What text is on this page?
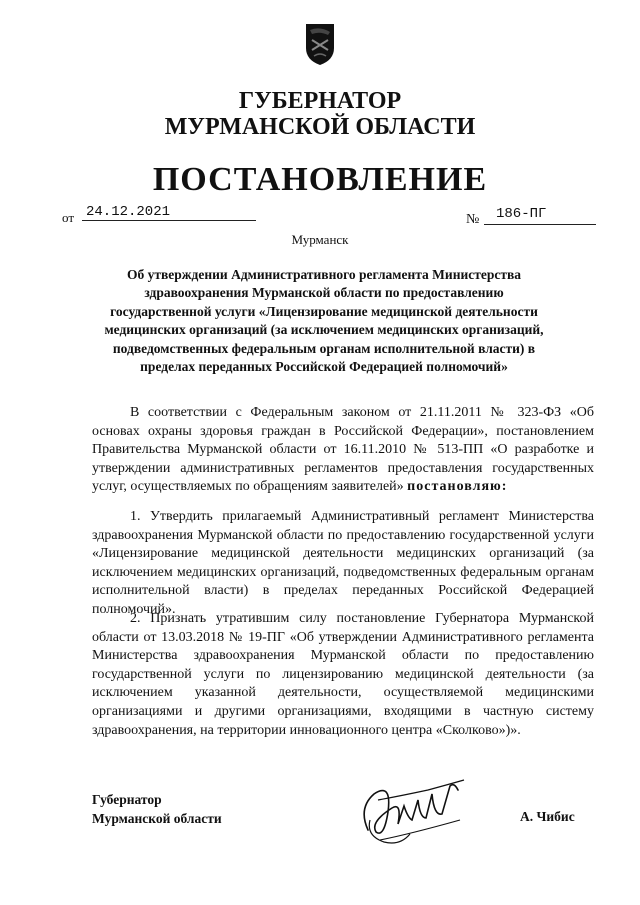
ГУБЕРНАТОР
МУРМАНСКОЙ ОБЛАСТИ
ПОСТАНОВЛЕНИЕ
от 24.12.2021	№	186-ПГ
Мурманск
Об утверждении Административного регламента Министерства здравоохранения Мурманской области по предоставлению государственной услуги «Лицензирование медицинской деятельности медицинских организаций (за исключением медицинских организаций, подведомственных федеральным органам исполнительной власти) в пределах переданных Российской Федерацией полномочий»
В соответствии с Федеральным законом от 21.11.2011 № 323-ФЗ «Об основах охраны здоровья граждан в Российской Федерации», постановлением Правительства Мурманской области от 16.11.2010 № 513-ПП «О разработке и утверждении административных регламентов предоставления государственных услуг, осуществляемых по обращениям заявителей» постановляю:
1. Утвердить прилагаемый Административный регламент Министерства здравоохранения Мурманской области по предоставлению государственной услуги «Лицензирование медицинской деятельности медицинских организаций (за исключением медицинских организаций, подведомственных федеральным органам исполнительной власти) в пределах переданных Российской Федерацией полномочий».
2. Признать утратившим силу постановление Губернатора Мурманской области от 13.03.2018 № 19-ПГ «Об утверждении Административного регламента Министерства здравоохранения Мурманской области по предоставлению государственной услуги по лицензированию медицинской деятельности (за исключением указанной деятельности, осуществляемой медицинскими организациями и другими организациями, входящими в частную систему здравоохранения, на территории инновационного центра «Сколково»)».
Губернатор
Мурманской области	А. Чибис
